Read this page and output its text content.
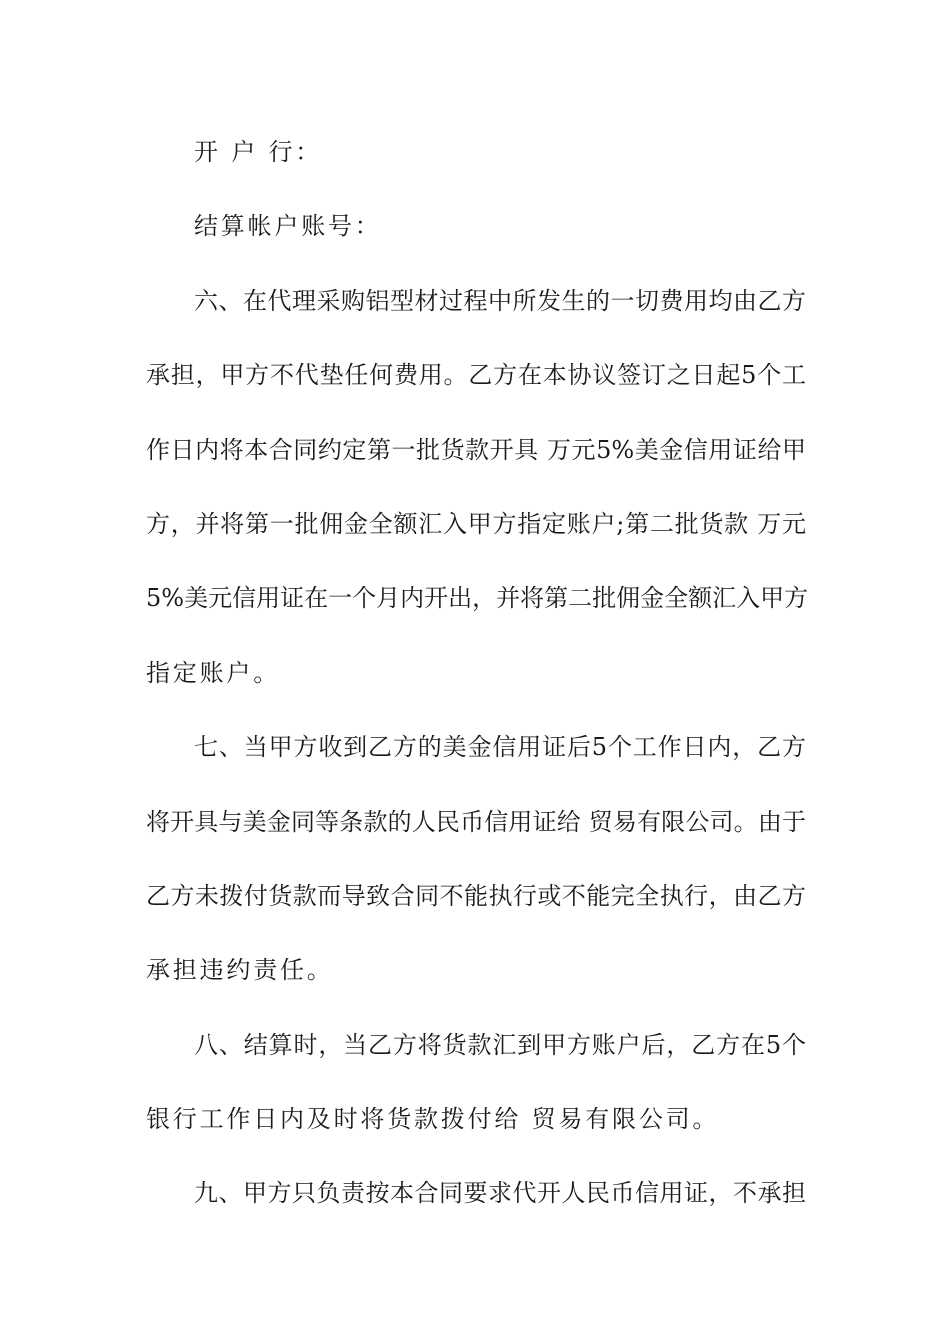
开 户 行：
结算帐户账号：
六、在代理采购铝型材过程中所发生的一切费用均由乙方
承担，甲方不代垫任何费用。乙方在本协议签订之日起5个工
作日内将本合同约定第一批货款开具 万元5%美金信用证给甲
方，并将第一批佣金全额汇入甲方指定账户;第二批货款 万元
5%美元信用证在一个月内开出，并将第二批佣金全额汇入甲方
指定账户。
七、当甲方收到乙方的美金信用证后5个工作日内，乙方
将开具与美金同等条款的人民币信用证给 贸易有限公司。由于
乙方未拨付货款而导致合同不能执行或不能完全执行，由乙方
承担违约责任。
八、结算时，当乙方将货款汇到甲方账户后，乙方在5个
银行工作日内及时将货款拨付给 贸易有限公司。
九、甲方只负责按本合同要求代开人民币信用证，不承担
